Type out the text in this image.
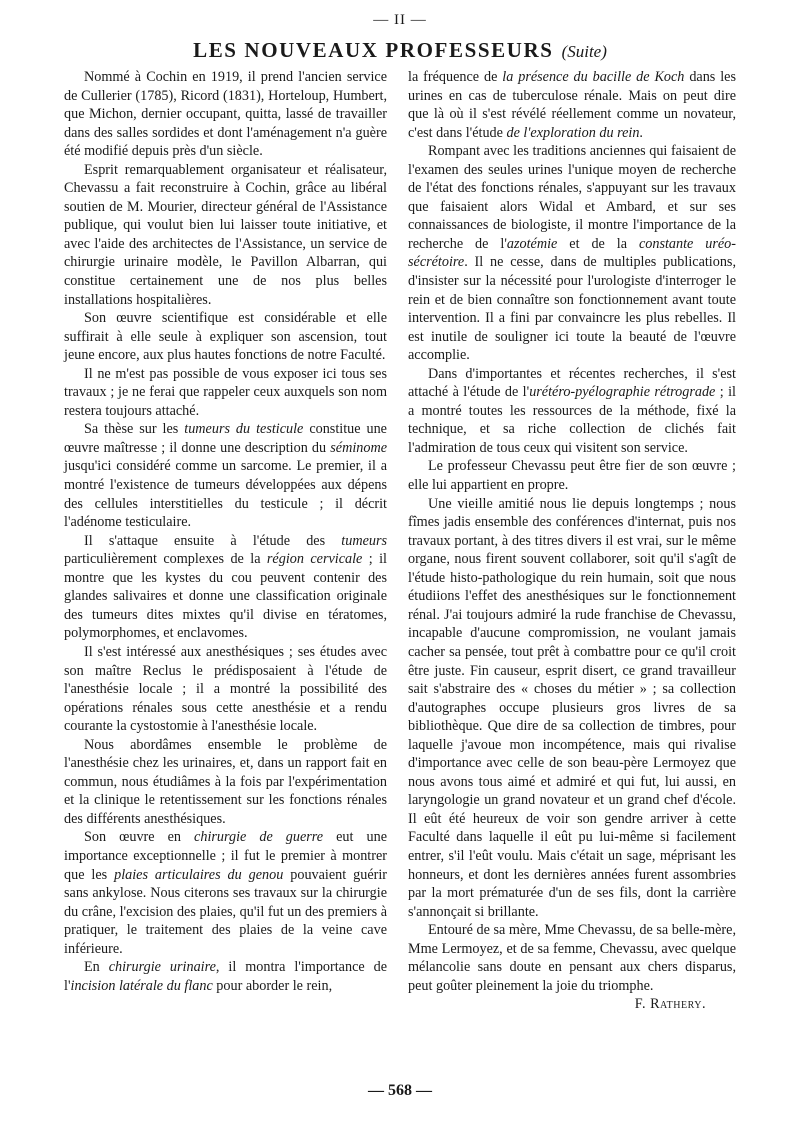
— II —
LES NOUVEAUX PROFESSEURS (Suite)

Nommé à Cochin en 1919, il prend l'ancien service de Cullerier (1785), Ricord (1831), Horteloup, Humbert, que Michon, dernier occupant, quitta, lassé de travailler dans des salles sordides et dont l'aménagement n'a guère été modifié depuis près d'un siècle.

Esprit remarquablement organisateur et réalisateur, Chevassu a fait reconstruire à Cochin, grâce au libéral soutien de M. Mourier, directeur général de l'Assistance publique, qui voulut bien lui laisser toute initiative, et avec l'aide des architectes de l'Assistance, un service de chirurgie urinaire modèle, le Pavillon Albarran, qui constitue certainement une de nos plus belles installations hospitalières.

Son œuvre scientifique est considérable et elle suffirait à elle seule à expliquer son ascension, tout jeune encore, aux plus hautes fonctions de notre Faculté.

Il ne m'est pas possible de vous exposer ici tous ses travaux ; je ne ferai que rappeler ceux auxquels son nom restera toujours attaché.

Sa thèse sur les tumeurs du testicule constitue une œuvre maîtresse ; il donne une description du séminome jusqu'ici considéré comme un sarcome. Le premier, il a montré l'existence de tumeurs développées aux dépens des cellules interstitielles du testicule ; il décrit l'adénome testiculaire.

Il s'attaque ensuite à l'étude des tumeurs particulièrement complexes de la région cervicale ; il montre que les kystes du cou peuvent contenir des glandes salivaires et donne une classification originale des tumeurs dites mixtes qu'il divise en tératomes, polymorphomes, et enclavomes.

Il s'est intéressé aux anesthésiques ; ses études avec son maître Reclus le prédisposaient à l'étude de l'anesthésie locale ; il a montré la possibilité des opérations rénales sous cette anesthésie et a rendu courante la cystostomie à l'anesthésie locale.

Nous abordâmes ensemble le problème de l'anesthésie chez les urinaires, et, dans un rapport fait en commun, nous étudiâmes à la fois par l'expérimentation et la clinique le retentissement sur les fonctions rénales des différents anesthésiques.

Son œuvre en chirurgie de guerre eut une importance exceptionnelle ; il fut le premier à montrer que les plaies articulaires du genou pouvaient guérir sans ankylose. Nous citerons ses travaux sur la chirurgie du crâne, l'excision des plaies, qu'il fut un des premiers à pratiquer, le traitement des plaies de la veine cave inférieure.

En chirurgie urinaire, il montra l'importance de l'incision latérale du flanc pour aborder le rein,

la fréquence de la présence du bacille de Koch dans les urines en cas de tuberculose rénale. Mais on peut dire que là où il s'est révélé réellement comme un novateur, c'est dans l'étude de l'exploration du rein.

Rompant avec les traditions anciennes qui faisaient de l'examen des seules urines l'unique moyen de recherche de l'état des fonctions rénales, s'appuyant sur les travaux que faisaient alors Widal et Ambard, et sur ses connaissances de biologiste, il montre l'importance de la recherche de l'azotémie et de la constante uréo-sécrétoire. Il ne cesse, dans de multiples publications, d'insister sur la nécessité pour l'urologiste d'interroger le rein et de bien connaître son fonctionnement avant toute intervention. Il a fini par convaincre les plus rebelles. Il est inutile de souligner ici toute la beauté de l'œuvre accomplie.

Dans d'importantes et récentes recherches, il s'est attaché à l'étude de l'urétéro-pyélographie rétrograde ; il a montré toutes les ressources de la méthode, fixé la technique, et sa riche collection de clichés fait l'admiration de tous ceux qui visitent son service.

Le professeur Chevassu peut être fier de son œuvre ; elle lui appartient en propre.

Une vieille amitié nous lie depuis longtemps ; nous fîmes jadis ensemble des conférences d'internat, puis nos travaux portant, à des titres divers il est vrai, sur le même organe, nous firent souvent collaborer, soit qu'il s'agît de l'étude histo-pathologique du rein humain, soit que nous étudiions l'effet des anesthésiques sur le fonctionnement rénal. J'ai toujours admiré la rude franchise de Chevassu, incapable d'aucune compromission, ne voulant jamais cacher sa pensée, tout prêt à combattre pour ce qu'il croit être juste. Fin causeur, esprit disert, ce grand travailleur sait s'abstraire des « choses du métier » ; sa collection d'autographes occupe plusieurs gros livres de sa bibliothèque. Que dire de sa collection de timbres, pour laquelle j'avoue mon incompétence, mais qui rivalise d'importance avec celle de son beau-père Lermoyez que nous avons tous aimé et admiré et qui fut, lui aussi, en laryngologie un grand novateur et un grand chef d'école. Il eût été heureux de voir son gendre arriver à cette Faculté dans laquelle il eût pu lui-même si facilement entrer, s'il l'eût voulu. Mais c'était un sage, méprisant les honneurs, et dont les dernières années furent assombries par la mort prématurée d'un de ses fils, dont la carrière s'annonçait si brillante.

Entouré de sa mère, Mme Chevassu, de sa belle-mère, Mme Lermoyez, et de sa femme, Chevassu, avec quelque mélancolie sans doute en pensant aux chers disparus, peut goûter pleinement la joie du triomphe.
F. Rathery.

— 568 —
